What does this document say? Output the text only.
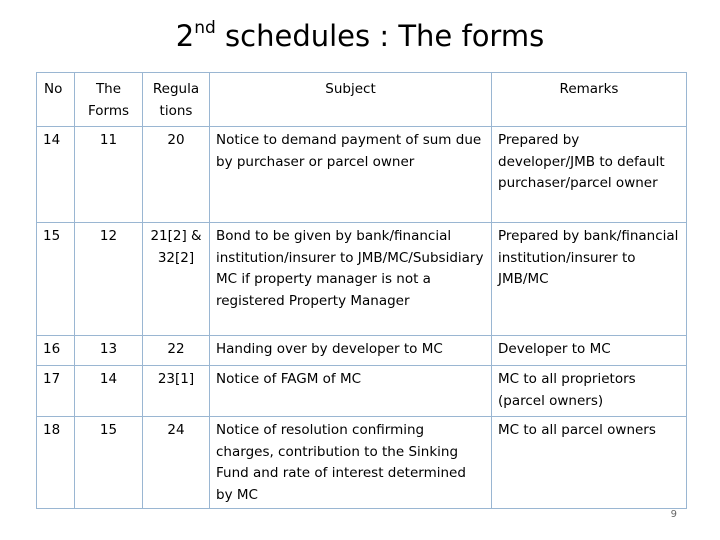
2nd schedules : The forms
No	The Forms	Regula tions	Subject	Remarks
14	11	20	Notice to demand payment of sum due by purchaser or parcel owner	Prepared by developer/JMB to default purchaser/parcel owner
15	12	21[2] & 32[2]	Bond to be given by bank/financial institution/insurer to JMB/MC/Subsidiary MC if property manager is not a registered Property Manager	Prepared by bank/financial institution/insurer to JMB/MC
16	13	22	Handing over by developer to MC	Developer to MC
17	14	23[1]	Notice of FAGM of MC	MC to all proprietors (parcel owners)
18	15	24	Notice of resolution confirming charges, contribution to the Sinking Fund and rate of interest determined by MC	MC to all parcel owners
9
